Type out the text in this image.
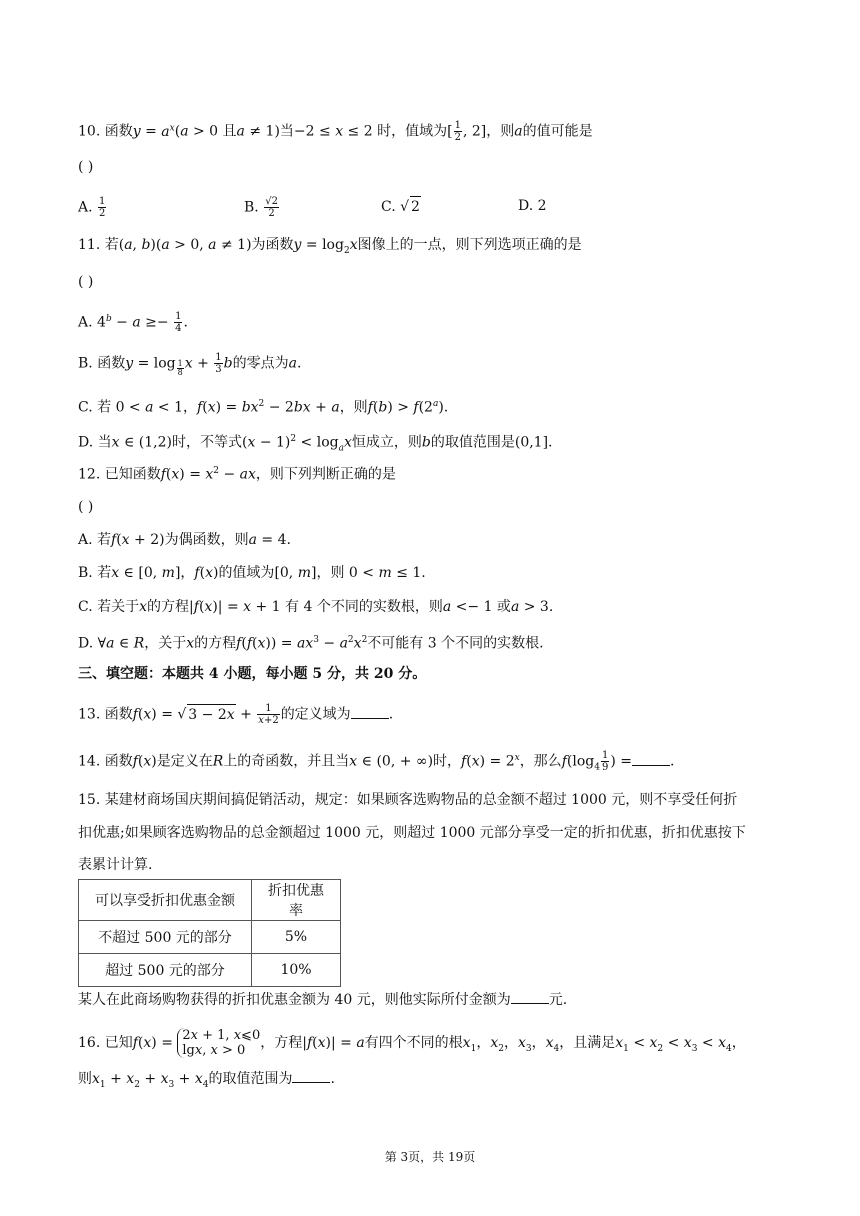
10. 函数$y = a^x(a > 0$ 且a ≠ 1)当−2 ≤ x ≤ 2 时，值域为[ $\frac{1}{2}$ , 2]，则a的值可能是
( )
A. $\frac{1}{2}$	B. $\frac{√2}{2}$	C. √ 2	D. 2
11. 若(a, b)(a > 0, a ≠ 1)为函数$y = \log_2x$图像上的一点，则下列选项正确的是
( )
A. $4^b - a \ge- \frac{1}{4}$ .
B. 函数y = log $_{\frac{1}{8}}$ $x + \frac{1}{3}$ b的零点为a.
C. 若 0 < a < 1，$f(x) = bx^2 - 2bx + a$，则$f(b) > f(2^a)$.
D. 当x ∈ (1,2)时，不等式$(x - 1)^2 < \log_ax$恒成立，则b的取值范围是(0,1].
12. 已知函数$f(x) = x^2$ − ax，则下列判断正确的是
( )
A. 若f(x + 2)为偶函数，则a = 4.
B. 若x ∈ [0, m]，f(x)的值域为[0, m]，则 0 < m ≤ 1.
C. 若关于x的方程|f(x)| = x + 1 有 4 个不同的实数根，则a <− 1 或a > 3.
D. ∀a ∈ R，关于x的方程$f(f(x)) = ax^3 - a^2x^2$不可能有 3 个不同的实数根.
三、填空题：本题共 4 小题，每小题 5 分，共 20 分。
13. 函数f(x) = √ $3 - 2x + \frac{1}{x+2}$ 的定义域为	.
14. 函数f(x)是定义在R上的奇函数，并且当x ∈ (0, + ∞)时，$f(x) = 2^x$，那么$f(\log_4 \frac{1}{9}$ ) =	.
15. 某建材商场国庆期间搞促销活动，规定：如果顾客选购物品的总金额不超过 1000 元，则不享受任何折
扣优惠;如果顾客选购物品的总金额超过 1000 元，则超过 1000 元部分享受一定的折扣优惠，折扣优惠按下
表累计计算.
可以享受折扣优惠金额	折扣优惠率
不超过 500 元的部分	5%
超过 500 元的部分	10%
某人在此商场购物获得的折扣优惠金额为 40 元，则他实际所付金额为	元.
16. 已知f(x) = 2x + 1, x⩽0
lgx, x > 0	，方程|f(x)| = a有四个不同的根$x_1$，$x_2$，$x_3$，$x_4$，且满足$x_1 < x_2 < x_3 < x_4$，
则$x_1 + x_2 + x_3 + x_4$的取值范围为	.
第 3页，共 19页
